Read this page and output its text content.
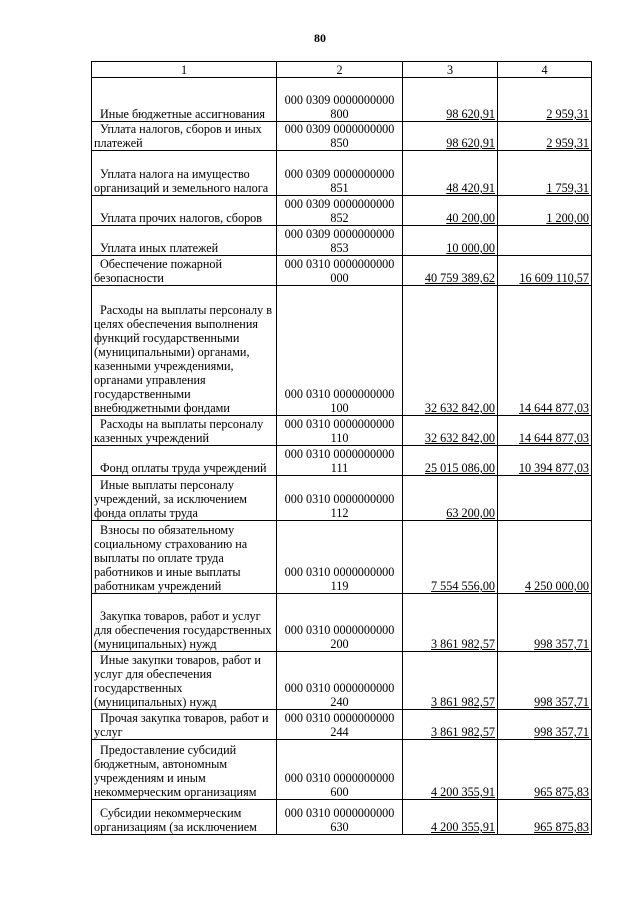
80
1	2	3	4

Иные бюджетные ассигнования	000 0309 0000000000 800	98 620,91	2 959,31

Уплата налогов, сборов и иных платежей	000 0309 0000000000 850	98 620,91	2 959,31

Уплата налога на имущество организаций и земельного налога	000 0309 0000000000 851	48 420,91	1 759,31

Уплата прочих налогов, сборов	000 0309 0000000000 852	40 200,00	1 200,00

Уплата иных платежей	000 0309 0000000000 853	10 000,00	

Обеспечение пожарной безопасности	000 0310 0000000000 000	40 759 389,62	16 609 110,57

Расходы на выплаты персоналу в целях обеспечения выполнения функций государственными (муниципальными) органами, казенными учреждениями, органами управления государственными внебюджетными фондами	000 0310 0000000000 100	32 632 842,00	14 644 877,03

Расходы на выплаты персоналу казенных учреждений	000 0310 0000000000 110	32 632 842,00	14 644 877,03

Фонд оплаты труда учреждений	000 0310 0000000000 111	25 015 086,00	10 394 877,03

Иные выплаты персоналу учреждений, за исключением фонда оплаты труда	000 0310 0000000000 112	63 200,00	

Взносы по обязательному социальному страхованию на выплаты по оплате труда работников и иные выплаты работникам учреждений	000 0310 0000000000 119	7 554 556,00	4 250 000,00

Закупка товаров, работ и услуг для обеспечения государственных (муниципальных) нужд	000 0310 0000000000 200	3 861 982,57	998 357,71

Иные закупки товаров, работ и услуг для обеспечения государственных (муниципальных) нужд	000 0310 0000000000 240	3 861 982,57	998 357,71

Прочая закупка товаров, работ и услуг	000 0310 0000000000 244	3 861 982,57	998 357,71

Предоставление субсидий бюджетным, автономным учреждениям и иным некоммерческим организациям	000 0310 0000000000 600	4 200 355,91	965 875,83

Субсидии некоммерческим организациям (за исключением	000 0310 0000000000 630	4 200 355,91	965 875,83
